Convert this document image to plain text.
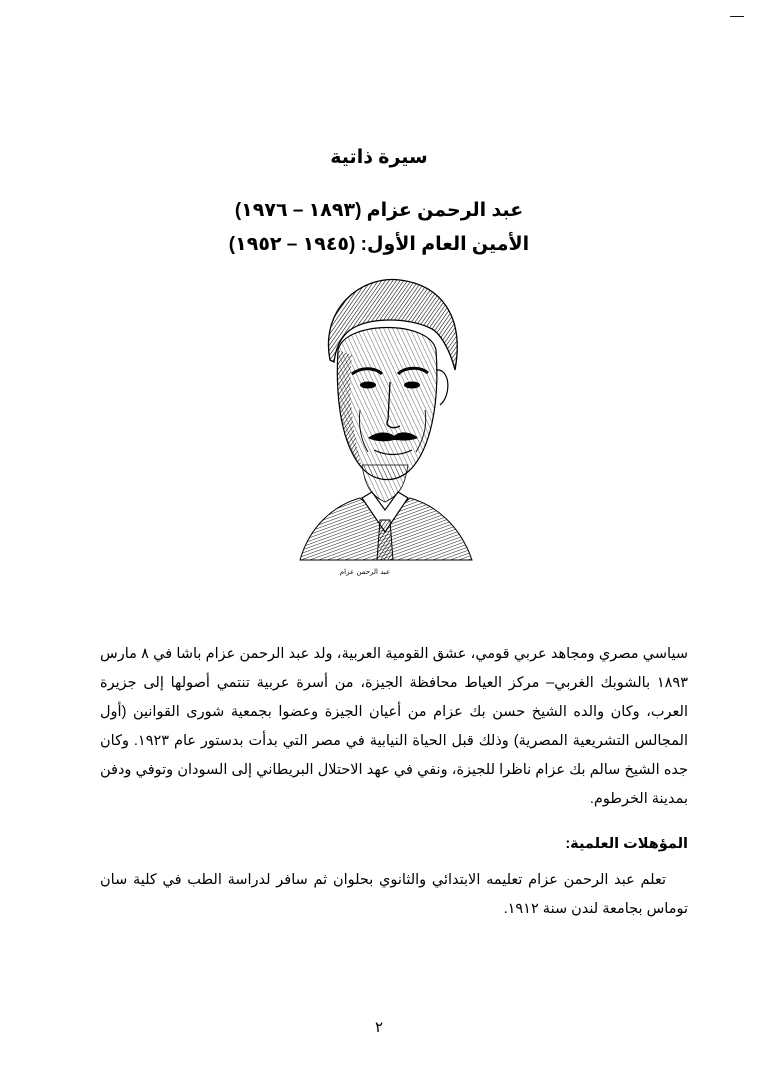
—
سيرة ذاتية
عبد الرحمن عزام (١٨٩٣ – ١٩٧٦)
الأمين العام الأول: (١٩٤٥ – ١٩٥٢)
عبد الرحمن عزام
سياسي مصري ومجاهد عربي قومي، عشق القومية العربية، ولد عبد الرحمن عزام باشا في ٨ مارس ١٨٩٣ بالشوبك الغربي– مركز العياط محافظة الجيزة، من أسرة عربية تنتمي أصولها إلى جزيرة العرب، وكان والده الشيخ حسن بك عزام من أعيان الجيزة وعضوا بجمعية شورى القوانين (أول المجالس التشريعية المصرية) وذلك قبل الحياة النيابية في مصر التي بدأت بدستور عام ١٩٢٣. وكان جده الشيخ سالم بك عزام ناظرا للجيزة، ونفي في عهد الاحتلال البريطاني إلى السودان وتوفي ودفن بمدينة الخرطوم.
المؤهلات العلمية:
تعلم عبد الرحمن عزام تعليمه الابتدائي والثانوي بحلوان ثم سافر لدراسة الطب في كلية سان توماس بجامعة لندن سنة ١٩١٢.
٢
